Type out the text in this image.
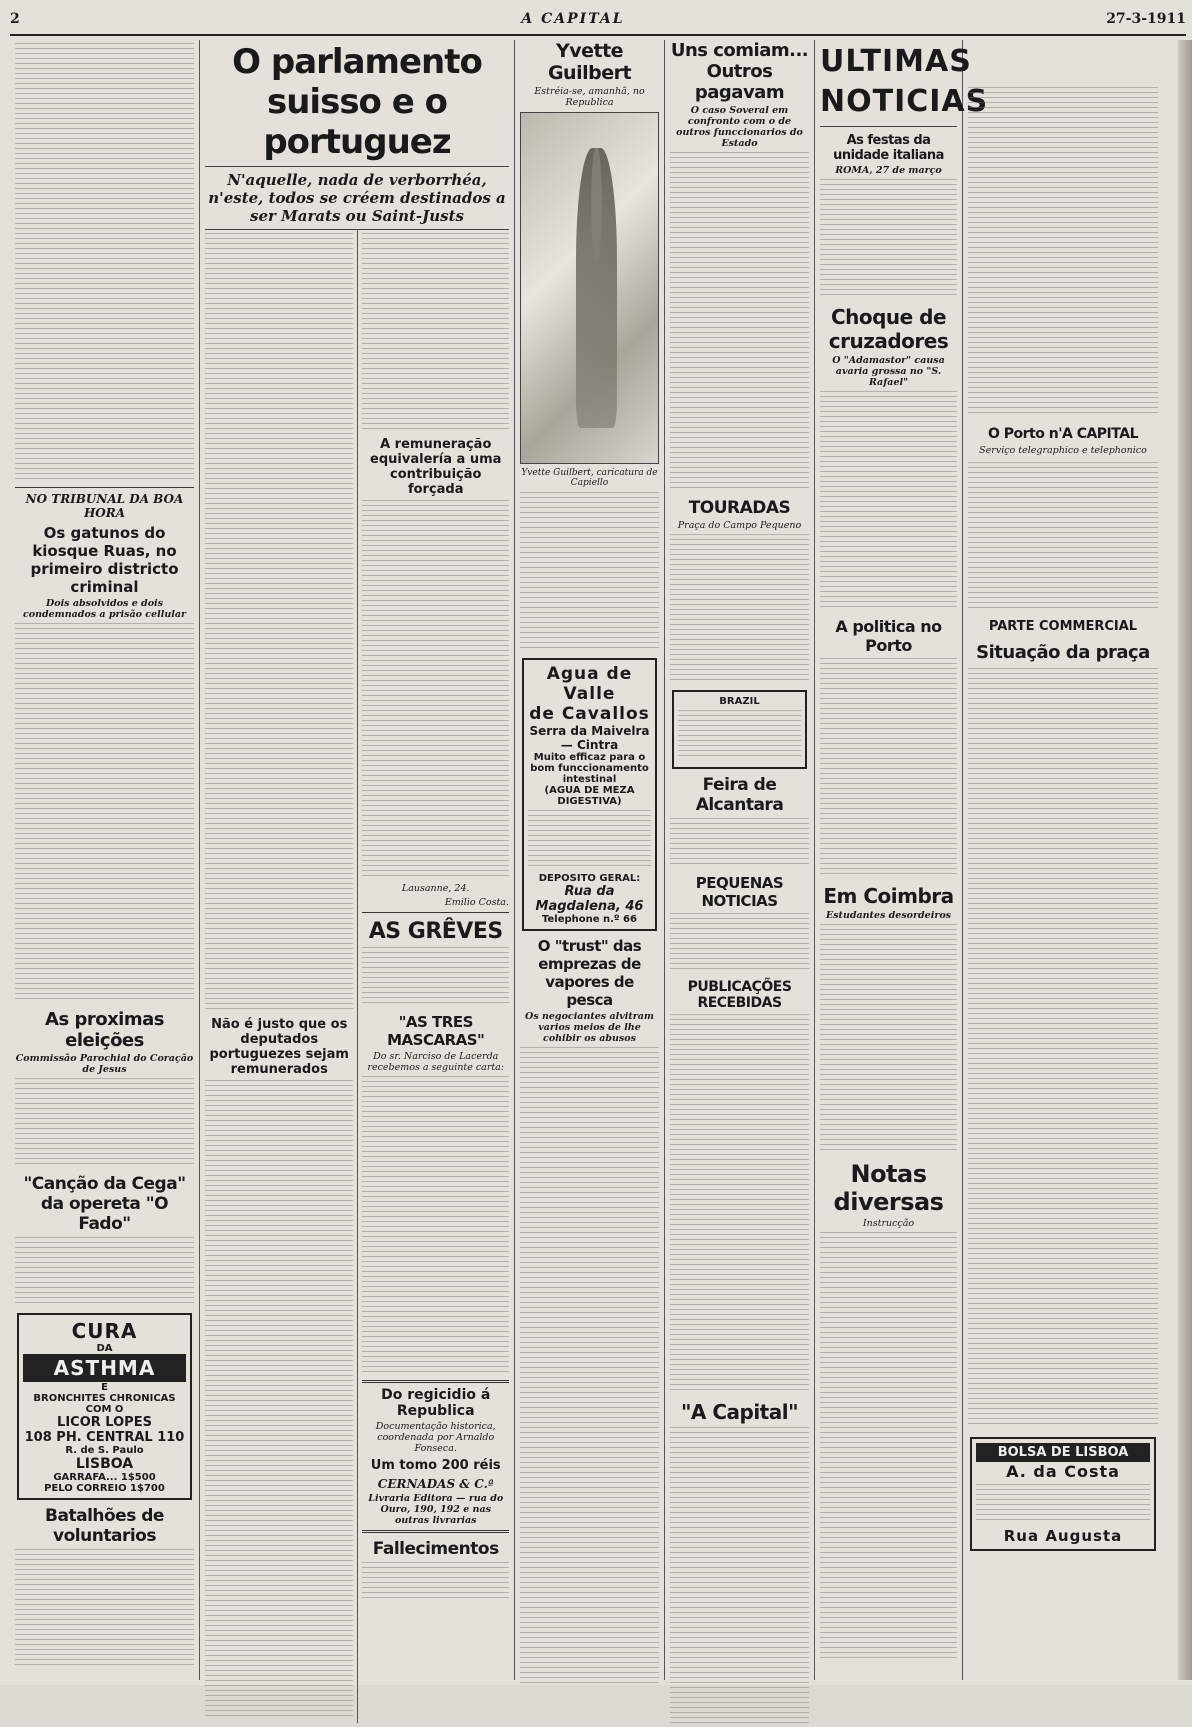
2	A CAPITAL	27-3-1911
NO TRIBUNAL DA BOA HORA
Os gatunos do kiosque Ruas, no primeiro districto criminal
Dois absolvidos e dois condemnados a prisão cellular
As proximas eleições
Commissão Parochial do Coração de Jesus
"Canção da Cega" da opereta "O Fado"
CURA
DA
ASTHMA
E
BRONCHITES CHRONICAS
COM O
LICOR LOPES
108 PH. CENTRAL 110
R. de S. Paulo
LISBOA
GARRAFA... 1$500
PELO CORREIO 1$700
Batalhões de voluntarios
O parlamento suisso e o portuguez
N'aquelle, nada de verborrhéa, n'este, todos se créem destinados a ser Marats ou Saint-Justs
Não é justo que os deputados portuguezes sejam remunerados
A remuneração equivalería a uma contribuição forçada
Lausanne, 24.
Emilio Costa.
AS GRÊVES
"AS TRES MASCARAS"
Do sr. Narciso de Lacerda recebemos a seguinte carta:
Do regicidio á Republica
Documentação historica, coordenada por Arnaldo Fonseca.
Um tomo 200 réis
CERNADAS & C.ª
Livraria Editora — rua do Ouro, 190, 192 e nas outras livrarias
Fallecimentos
Yvette Guilbert
Estréia-se, amanhã, no Republica
Yvette Guilbert, caricatura de Capiello
Agua de Valle
de Cavallos
Serra da Maivelra — Cintra
Muito efficaz para o bom funccionamento intestinal
(AGUA DE MEZA DIGESTIVA)
DEPOSITO GERAL:
Rua da Magdalena, 46
Telephone n.º 66
O "trust" das emprezas de vapores de pesca
Os negociantes alvitram varios meios de lhe cohibir os abusos
Uns comiam... Outros pagavam
O caso Soveral em confronto com o de outros funccionarios do Estado
TOURADAS
Praça do Campo Pequeno
BRAZIL
Feira de Alcantara
PEQUENAS NOTICIAS
PUBLICAÇÕES RECEBIDAS
"A Capital"
ULTIMAS NOTICIAS
As festas da unidade italiana
ROMA, 27 de março
Choque de cruzadores
O "Adamastor" causa avaria grossa no "S. Rafael"
A politica no Porto
Em Coimbra
Estudantes desordeiros
Notas diversas
Instrucção
O Porto n'A CAPITAL
Serviço telegraphico e telephonico
PARTE COMMERCIAL
Situação da praça
BOLSA DE LISBOA
A. da Costa
Rua Augusta
